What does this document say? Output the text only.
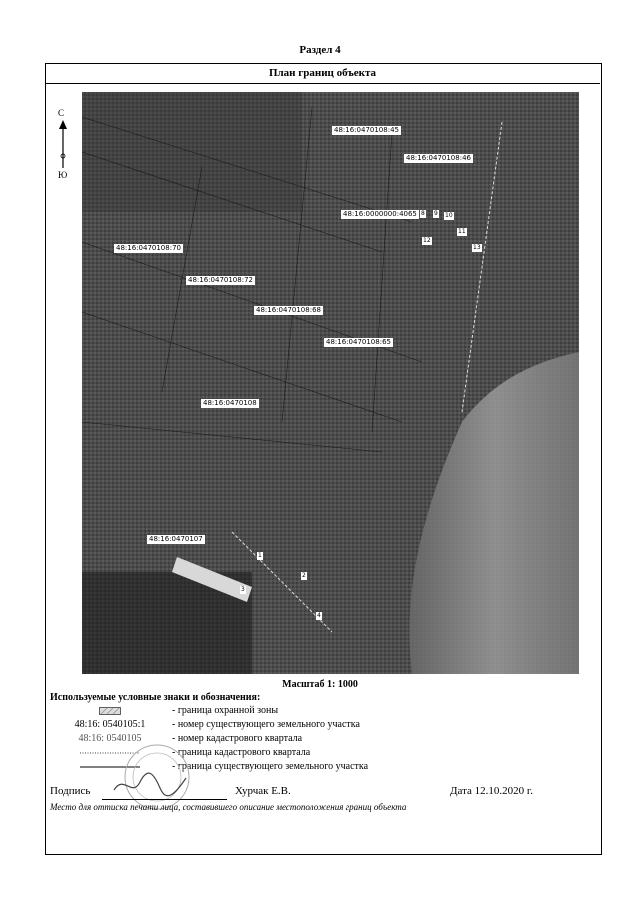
Раздел 4
План границ объекта
С
Ю
48:16:0470108:45
48:16:0470108:46
48:16:0000000:4065
48:16:0470108:70
48:16:0470108:72
48:16:0470108:68
48:16:0470108:65
48:16:0470108
48:16:0470107
8 9 10
11
12
13
1
2
3
4
Масштаб 1: 1000
Используемые условные знаки и обозначения:
- граница охранной зоны
48:16: 0540105:1	- номер существующего земельного участка
48:16: 0540105	- номер кадастрового квартала
- граница кадастрового квартала
- граница существующего земельного участка
Подпись	Хурчак Е.В.	Дата 12.10.2020 г.
Место для оттиска печати лица, составившего описание местоположения границ объекта
